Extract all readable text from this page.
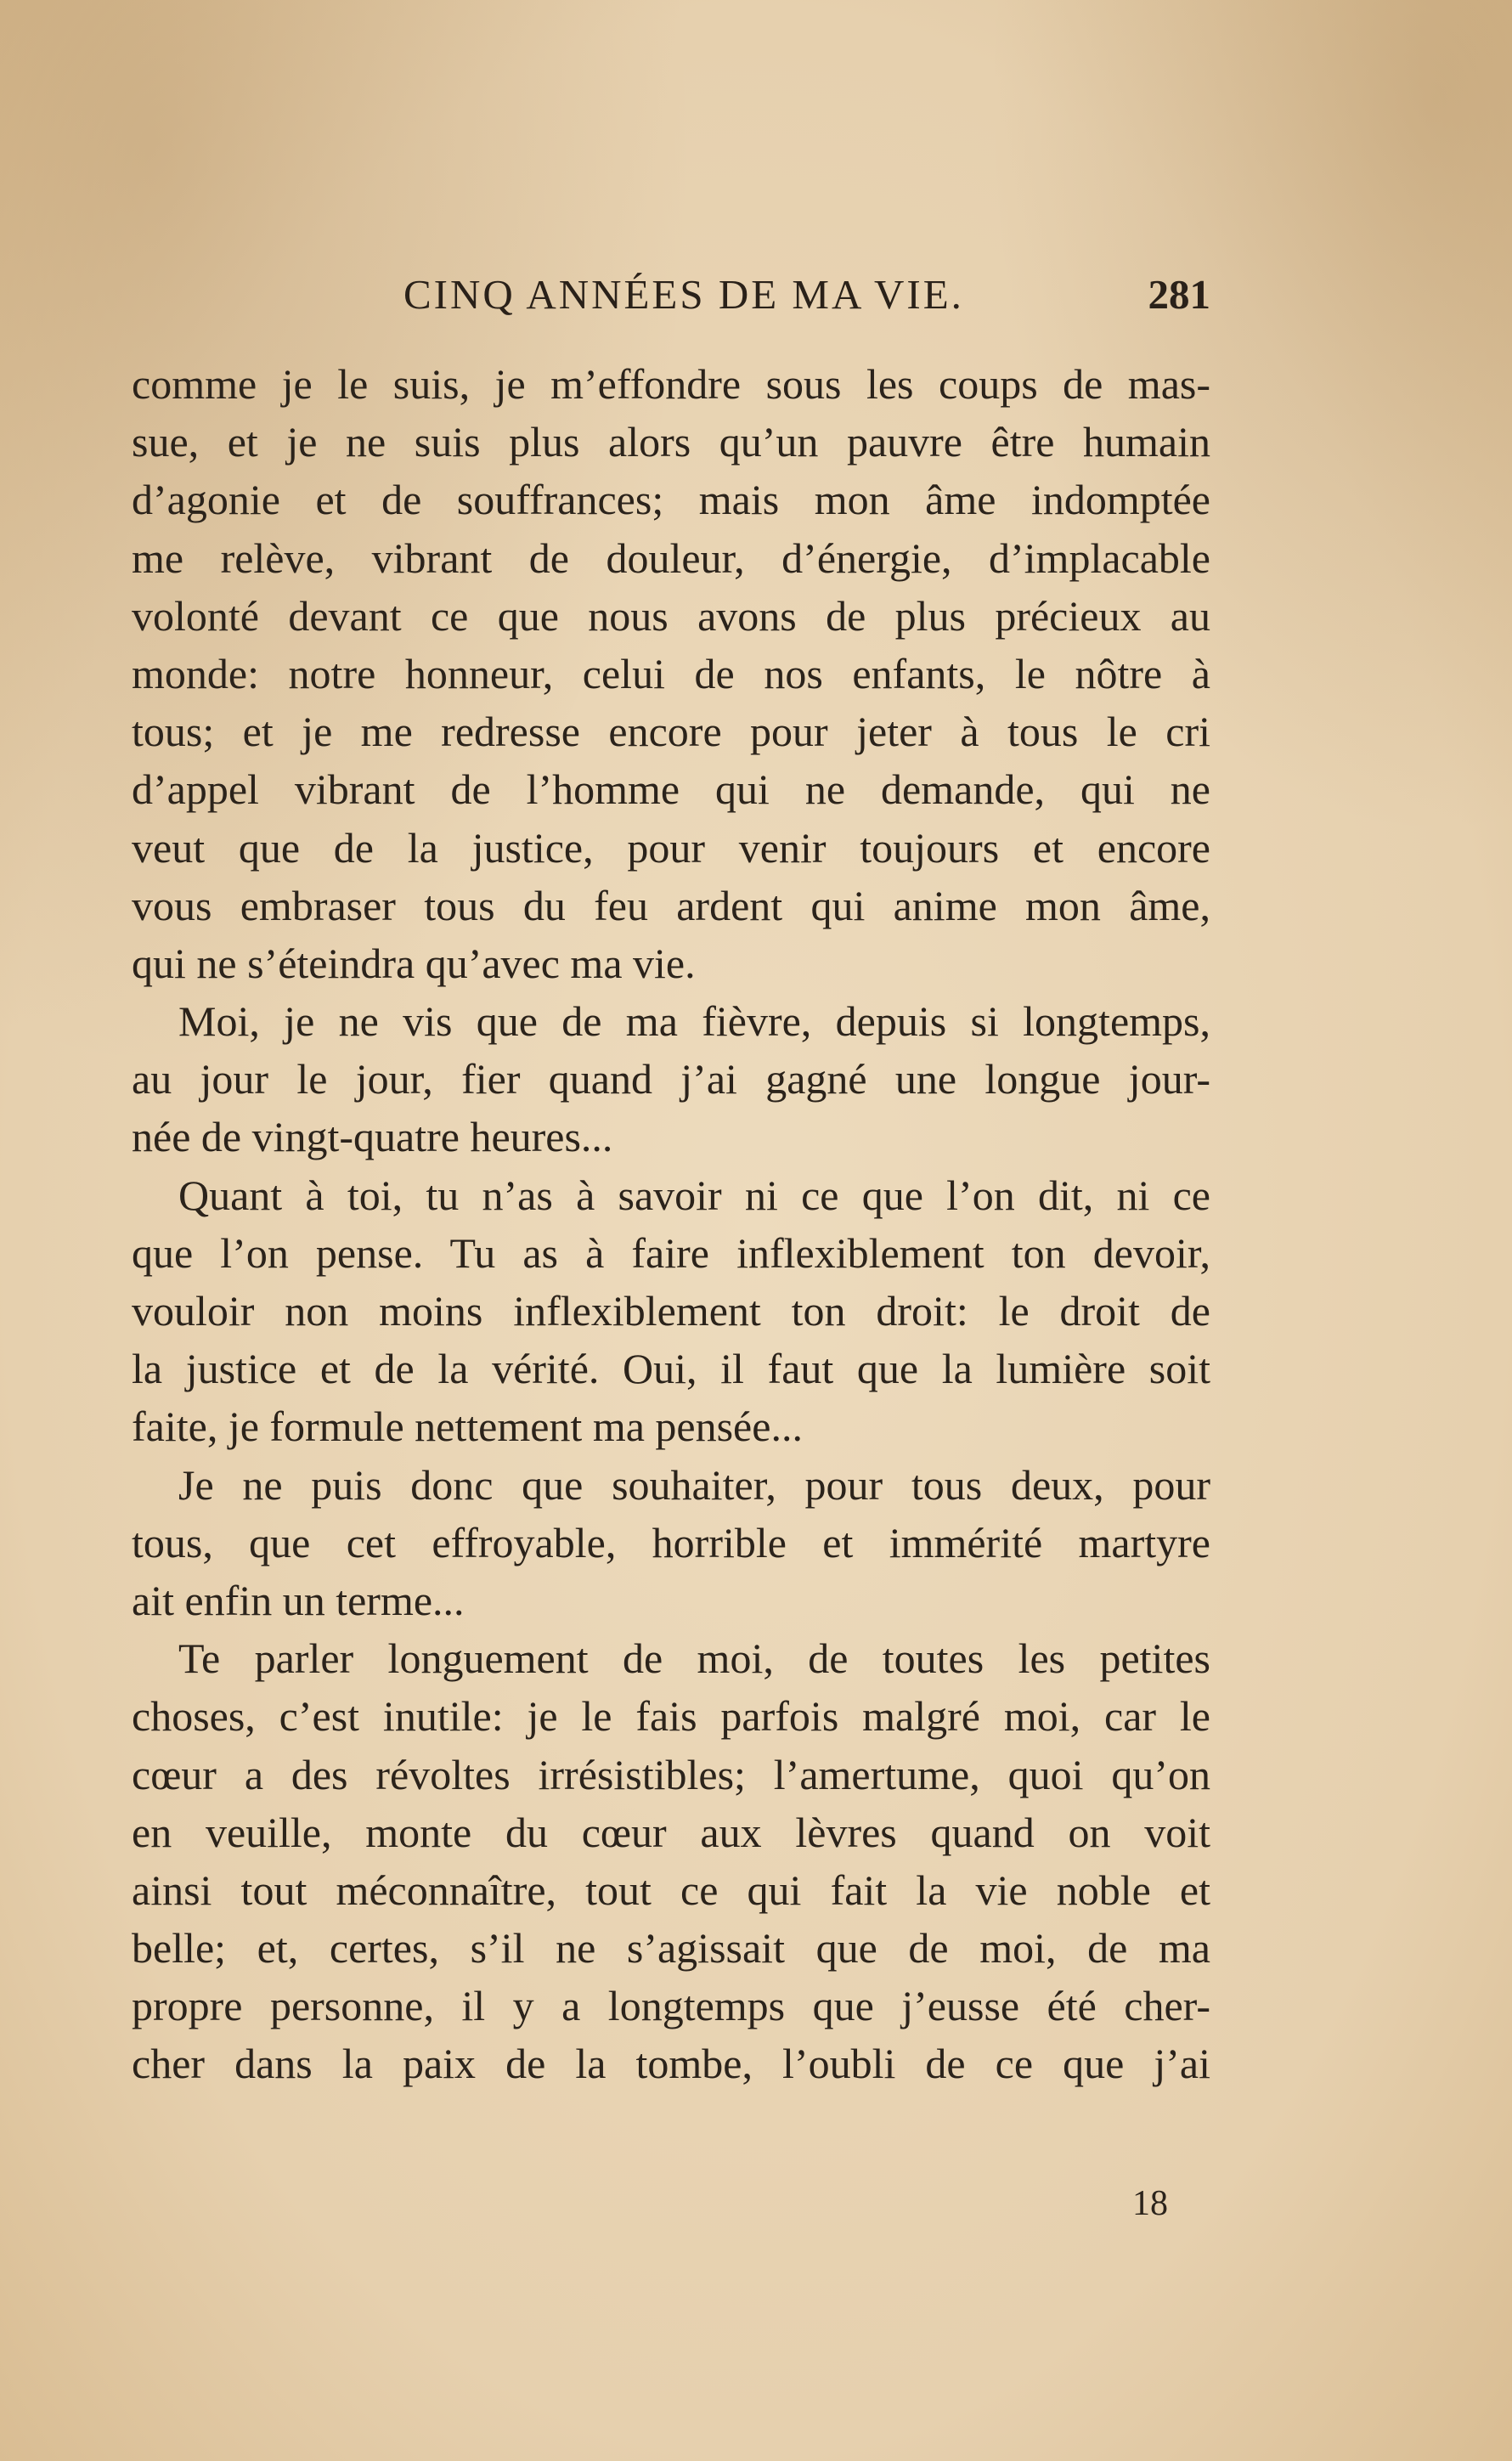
CINQ ANNÉES DE MA VIE.	281
comme je le suis, je m’effondre sous les coups de mas-
sue, et je ne suis plus alors qu’un pauvre être humain
d’agonie et de souffrances; mais mon âme indomptée
me relève, vibrant de douleur, d’énergie, d’implacable
volonté devant ce que nous avons de plus précieux au
monde: notre honneur, celui de nos enfants, le nôtre à
tous; et je me redresse encore pour jeter à tous le cri
d’appel vibrant de l’homme qui ne demande, qui ne
veut que de la justice, pour venir toujours et encore
vous embraser tous du feu ardent qui anime mon âme,
qui ne s’éteindra qu’avec ma vie.
Moi, je ne vis que de ma fièvre, depuis si longtemps,
au jour le jour, fier quand j’ai gagné une longue jour-
née de vingt-quatre heures...
Quant à toi, tu n’as à savoir ni ce que l’on dit, ni ce
que l’on pense. Tu as à faire inflexiblement ton devoir,
vouloir non moins inflexiblement ton droit: le droit de
la justice et de la vérité. Oui, il faut que la lumière soit
faite, je formule nettement ma pensée...
Je ne puis donc que souhaiter, pour tous deux, pour
tous, que cet effroyable, horrible et immérité martyre
ait enfin un terme...
Te parler longuement de moi, de toutes les petites
choses, c’est inutile: je le fais parfois malgré moi, car le
cœur a des révoltes irrésistibles; l’amertume, quoi qu’on
en veuille, monte du cœur aux lèvres quand on voit
ainsi tout méconnaître, tout ce qui fait la vie noble et
belle; et, certes, s’il ne s’agissait que de moi, de ma
propre personne, il y a longtemps que j’eusse été cher-
cher dans la paix de la tombe, l’oubli de ce que j’ai
18
